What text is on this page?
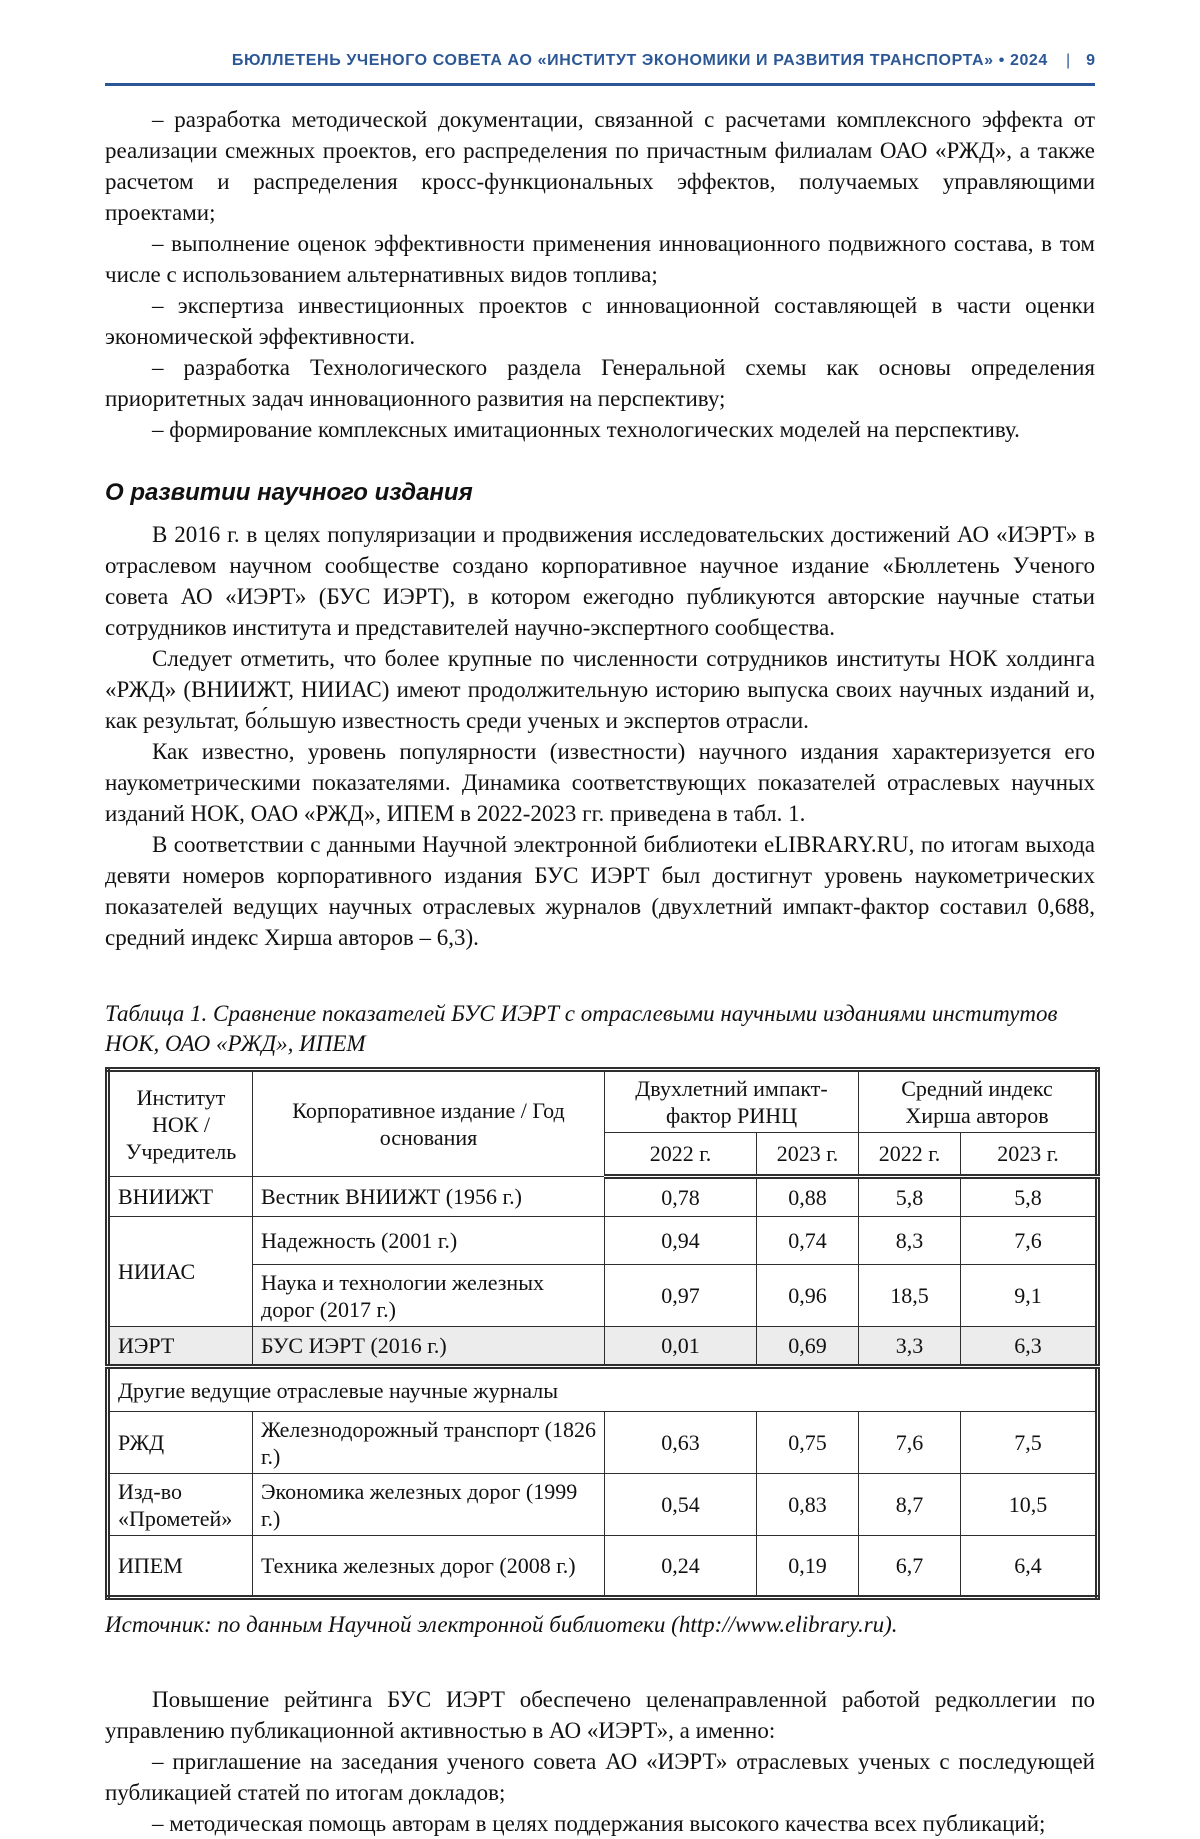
БЮЛЛЕТЕНЬ УЧЕНОГО СОВЕТА АО «ИНСТИТУТ ЭКОНОМИКИ И РАЗВИТИЯ ТРАНСПОРТА» • 2024 | 9

– разработка методической документации, связанной с расчетами комплексного эффекта от реализации смежных проектов, его распределения по причастным филиалам ОАО «РЖД», а также расчетом и распределения кросс-функциональных эффектов, получаемых управляющими проектами;

– выполнение оценок эффективности применения инновационного подвижного состава, в том числе с использованием альтернативных видов топлива;

– экспертиза инвестиционных проектов с инновационной составляющей в части оценки экономической эффективности.

– разработка Технологического раздела Генеральной схемы как основы определения приоритетных задач инновационного развития на перспективу;

– формирование комплексных имитационных технологических моделей на перспективу.

О развитии научного издания

В 2016 г. в целях популяризации и продвижения исследовательских достижений АО «ИЭРТ» в отраслевом научном сообществе создано корпоративное научное издание «Бюллетень Ученого совета АО «ИЭРТ» (БУС ИЭРТ), в котором ежегодно публикуются авторские научные статьи сотрудников института и представителей научно-экспертного сообщества.

Следует отметить, что более крупные по численности сотрудников институты НОК холдинга «РЖД» (ВНИИЖТ, НИИАС) имеют продолжительную историю выпуска своих научных изданий и, как результат, бо́льшую известность среди ученых и экспертов отрасли.

Как известно, уровень популярности (известности) научного издания характеризуется его наукометрическими показателями. Динамика соответствующих показателей отраслевых научных изданий НОК, ОАО «РЖД», ИПЕМ в 2022-2023 гг. приведена в табл. 1.

В соответствии с данными Научной электронной библиотеки eLIBRARY.RU, по итогам выхода девяти номеров корпоративного издания БУС ИЭРТ был достигнут уровень наукометрических показателей ведущих научных отраслевых журналов (двухлетний импакт-фактор составил 0,688, средний индекс Хирша авторов – 6,3).

Таблица 1. Сравнение показателей БУС ИЭРТ с отраслевыми научными изданиями институтов НОК, ОАО «РЖД», ИПЕМ
Институт НОК / Учредитель	Корпоративное издание / Год основания	Двухлетний импакт-фактор РИНЦ		Средний индекс Хирша авторов	
		2022 г.	2023 г.	2022 г.	2023 г.
ВНИИЖТ	Вестник ВНИИЖТ (1956 г.)	0,78	0,88	5,8	5,8
НИИАС	Надежность (2001 г.)	0,94	0,74	8,3	7,6
	Наука и технологии железных дорог (2017 г.)	0,97	0,96	18,5	9,1
ИЭРТ	БУС ИЭРТ (2016 г.)	0,01	0,69	3,3	6,3
Другие ведущие отраслевые научные журналы					
РЖД	Железнодорожный транспорт (1826 г.)	0,63	0,75	7,6	7,5
Изд-во «Прометей»	Экономика железных дорог (1999 г.)	0,54	0,83	8,7	10,5
ИПЕМ	Техника железных дорог (2008 г.)	0,24	0,19	6,7	6,4
Источник: по данным Научной электронной библиотеки (http://www.elibrary.ru).

Повышение рейтинга БУС ИЭРТ обеспечено целенаправленной работой редколлегии по управлению публикационной активностью в АО «ИЭРТ», а именно:

– приглашение на заседания ученого совета АО «ИЭРТ» отраслевых ученых с последующей публикацией статей по итогам докладов;

– методическая помощь авторам в целях поддержания высокого качества всех публикаций;
